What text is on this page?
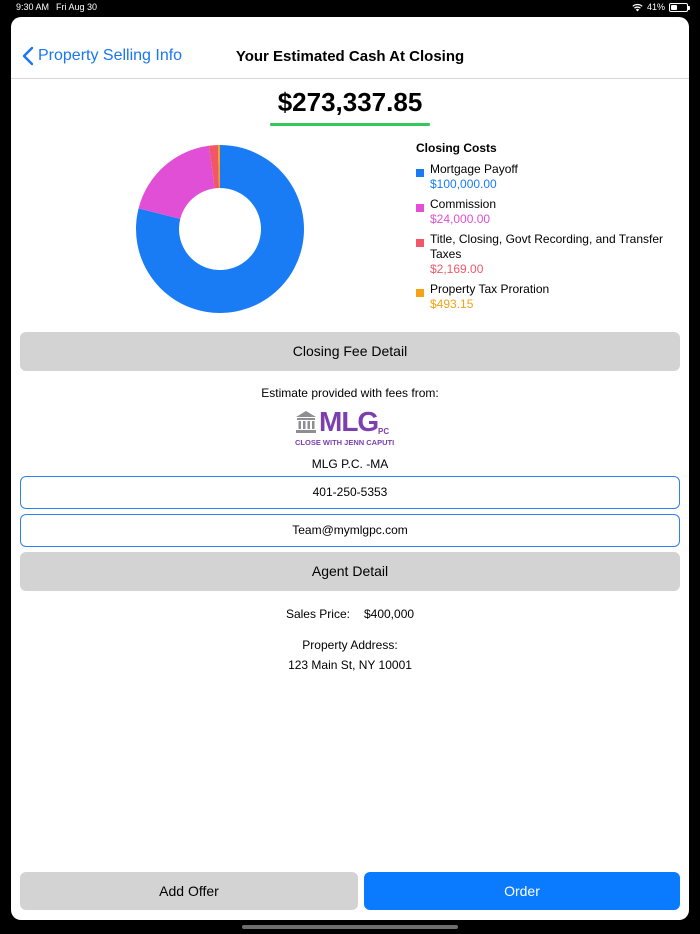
9:30 AM Fri Aug 30	41%
Property Selling Info	Your Estimated Cash At Closing
$273,337.85
Closing Costs
Mortgage Payoff
$100,000.00
Commission
$24,000.00
Title, Closing, Govt Recording, and Transfer Taxes
$2,169.00
Property Tax Proration
$493.15
Closing Fee Detail
Estimate provided with fees from:
MLG PC
CLOSE WITH JENN CAPUTI
MLG P.C. -MA
401-250-5353
Team@mymlgpc.com
Agent Detail
Sales Price: $400,000
Property Address:
123 Main St, NY 10001
Add Offer	Order
